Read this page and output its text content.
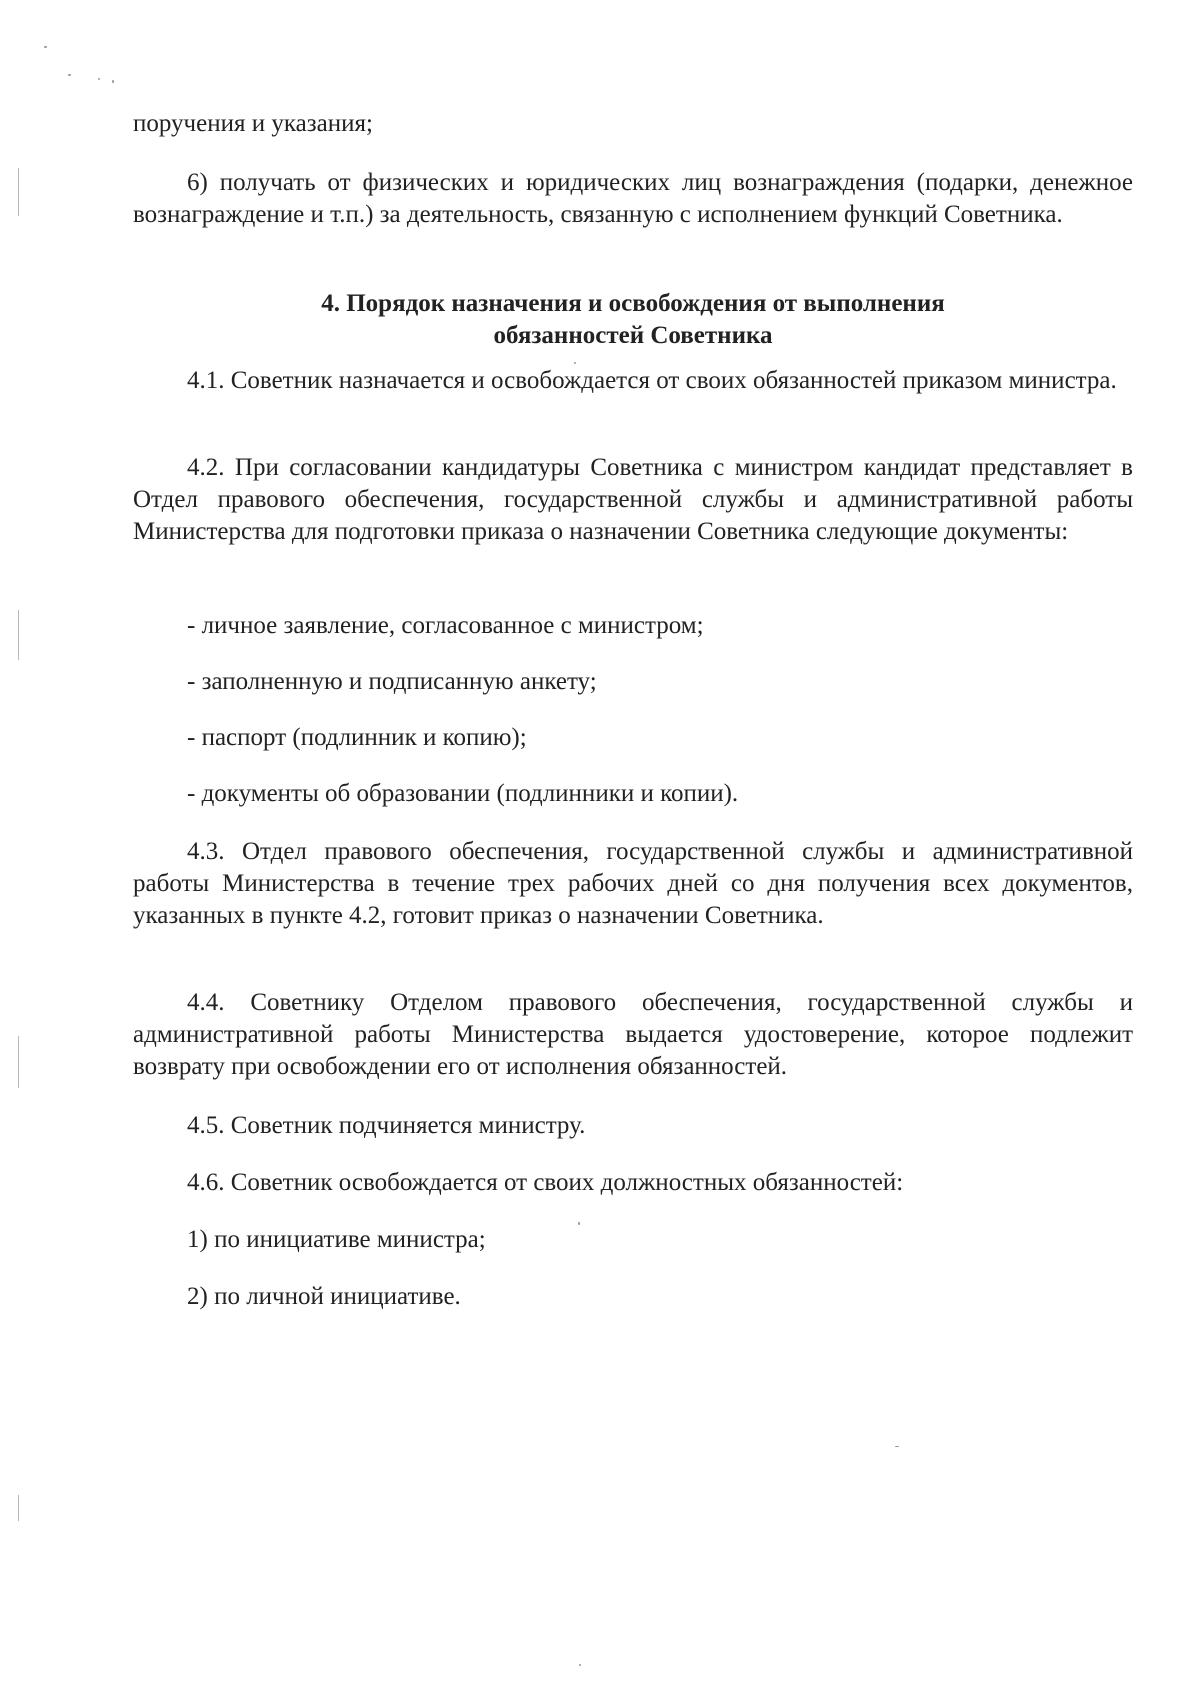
поручения и указания;

6) получать от физических и юридических лиц вознаграждения (подарки, денежное вознаграждение и т.п.) за деятельность, связанную с исполнением функций Советника.

4. Порядок назначения и освобождения от выполнения

обязанностей Советника

4.1. Советник назначается и освобождается от своих обязанностей приказом министра.

4.2. При согласовании кандидатуры Советника с министром кандидат представляет в Отдел правового обеспечения, государственной службы и административной работы Министерства для подготовки приказа о назначении Советника следующие документы:

- личное заявление, согласованное с министром;

- заполненную и подписанную анкету;

- паспорт (подлинник и копию);

- документы об образовании (подлинники и копии).

4.3. Отдел правового обеспечения, государственной службы и административной работы Министерства в течение трех рабочих дней со дня получения всех документов, указанных в пункте 4.2, готовит приказ о назначении Советника.

4.4. Советнику Отделом правового обеспечения, государственной службы и административной работы Министерства выдается удостоверение, которое подлежит возврату при освобождении его от исполнения обязанностей.

4.5. Советник подчиняется министру.

4.6. Советник освобождается от своих должностных обязанностей:

1) по инициативе министра;

2) по личной инициативе.
